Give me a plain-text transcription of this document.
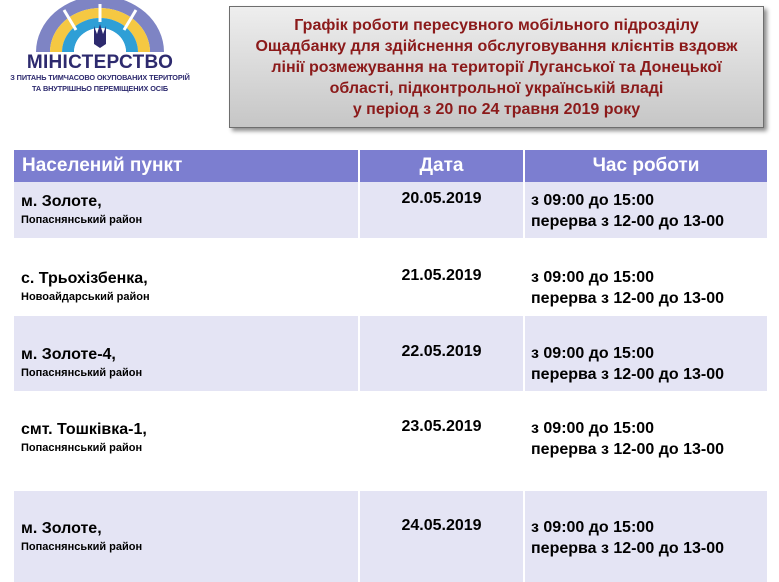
МІНІСТЕРСТВО
З ПИТАНЬ ТИМЧАСОВО ОКУПОВАНИХ ТЕРИТОРІЙ
ТА ВНУТРІШНЬО ПЕРЕМІЩЕНИХ ОСІБ
Графік роботи пересувного мобільного підрозділу
Ощадбанку для здійснення обслуговування клієнтів вздовж
лінії розмежування на території Луганської та Донецької
області, підконтрольної українській владі
у період з 20 по 24 травня 2019 року
Населений пункт	Дата	Час роботи
м. Золоте,
Попаснянський район
20.05.2019	з 09:00 до 15:00
перерва з 12-00 до 13-00
с. Трьохізбенка,
Новоайдарський район
21.05.2019	з 09:00 до 15:00
перерва з 12-00 до 13-00
м. Золоте-4,
Попаснянський район
22.05.2019	з 09:00 до 15:00
перерва з 12-00 до 13-00
смт. Тошківка-1,
Попаснянський район
23.05.2019	з 09:00 до 15:00
перерва з 12-00 до 13-00
м. Золоте,
Попаснянський район
24.05.2019	з 09:00 до 15:00
перерва з 12-00 до 13-00
